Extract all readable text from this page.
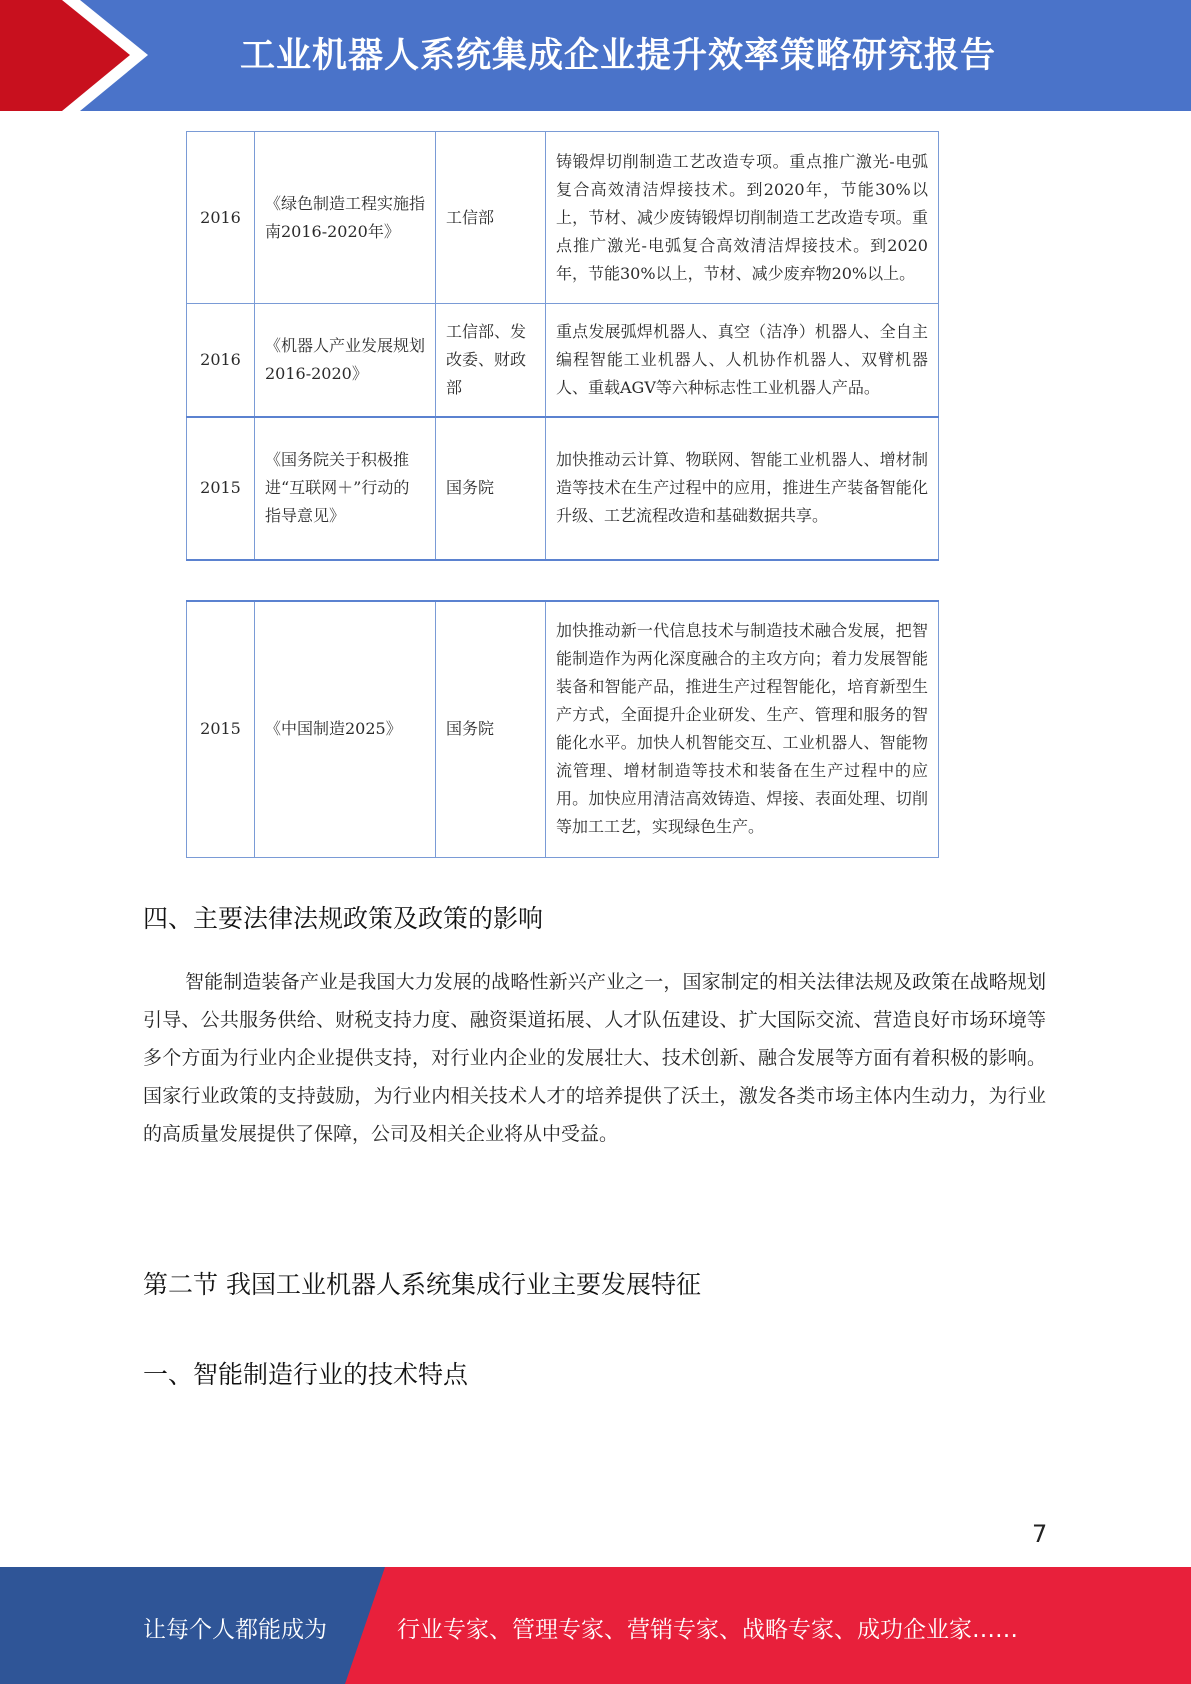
工业机器人系统集成企业提升效率策略研究报告
2016	《绿色制造工程实施指南2016-2020年》	工信部	铸锻焊切削制造工艺改造专项。重点推广激光-电弧复合高效清洁焊接技术。到2020年，节能30%以上，节材、减少废铸锻焊切削制造工艺改造专项。重点推广激光-电弧复合高效清洁焊接技术。到2020年，节能30%以上，节材、减少废弃物20%以上。
2016	《机器人产业发展规划2016-2020》	工信部、发改委、财政部	重点发展弧焊机器人、真空（洁净）机器人、全自主编程智能工业机器人、人机协作机器人、双臂机器人、重载AGV等六种标志性工业机器人产品。
2015	《国务院关于积极推进“互联网＋”行动的指导意见》	国务院	加快推动云计算、物联网、智能工业机器人、增材制造等技术在生产过程中的应用，推进生产装备智能化升级、工艺流程改造和基础数据共享。
2015	《中国制造2025》	国务院	加快推动新一代信息技术与制造技术融合发展，把智能制造作为两化深度融合的主攻方向；着力发展智能装备和智能产品，推进生产过程智能化，培育新型生产方式，全面提升企业研发、生产、管理和服务的智能化水平。加快人机智能交互、工业机器人、智能物流管理、增材制造等技术和装备在生产过程中的应用。加快应用清洁高效铸造、焊接、表面处理、切削等加工工艺，实现绿色生产。
四、主要法律法规政策及政策的影响

智能制造装备产业是我国大力发展的战略性新兴产业之一，国家制定的相关法律法规及政策在战略规划引导、公共服务供给、财税支持力度、融资渠道拓展、人才队伍建设、扩大国际交流、营造良好市场环境等多个方面为行业内企业提供支持，对行业内企业的发展壮大、技术创新、融合发展等方面有着积极的影响。国家行业政策的支持鼓励，为行业内相关技术人才的培养提供了沃土，激发各类市场主体内生动力，为行业的高质量发展提供了保障，公司及相关企业将从中受益。

第二节 我国工业机器人系统集成行业主要发展特征
一、智能制造行业的技术特点
7
让每个人都能成为	行业专家、管理专家、营销专家、战略专家、成功企业家……
